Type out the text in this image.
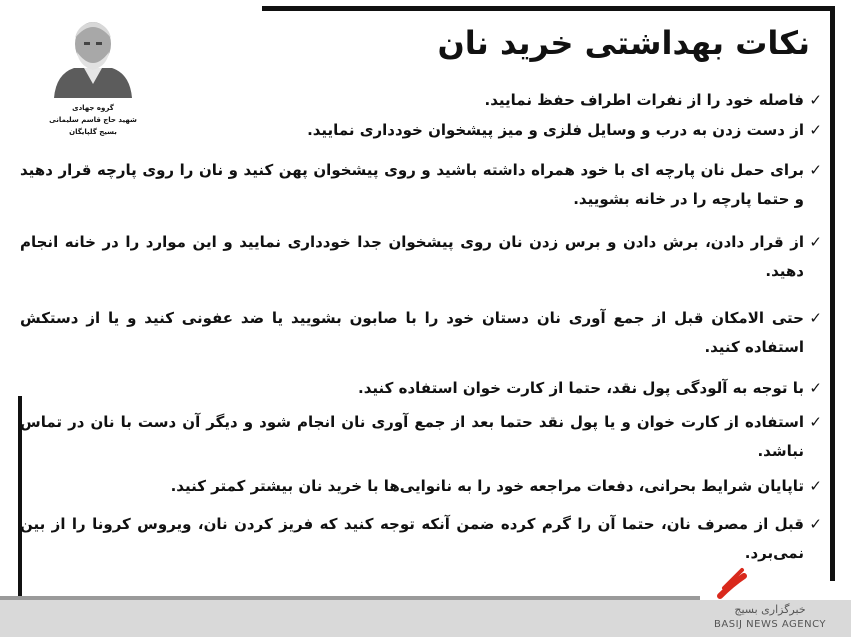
نکات بهداشتی خرید نان
گروه جهادی
شهید حاج قاسم سلیمانی
بسیج گلپایگان
✓
فاصله خود را از نفرات اطراف حفظ نمایید.
✓
از دست زدن به درب و وسایل فلزی و میز پیشخوان خودداری نمایید.
✓
برای حمل نان پارچه ای با خود همراه داشته باشید و روی پیشخوان پهن کنید و نان را روی پارچه قرار دهید و حتما پارچه را در خانه بشویید.
✓
از قرار دادن، برش دادن و برس زدن نان روی پیشخوان جدا خودداری نمایید و این موارد را در خانه انجام دهید.
✓
حتی الامکان قبل از جمع آوری نان دستان خود را با صابون بشویید یا ضد عفونی کنید و یا از دستکش استفاده کنید.
✓
با توجه به آلودگی پول نقد، حتما از کارت خوان استفاده کنید.
✓
استفاده از کارت خوان و یا پول نقد حتما بعد از جمع آوری نان انجام شود و دیگر آن دست با نان در تماس نباشد.
✓
تاپایان شرایط بحرانی، دفعات مراجعه خود را به نانوایی‌ها با خرید نان بیشتر کمتر کنید.
✓
قبل از مصرف نان، حتما آن را گرم کرده ضمن آنکه توجه کنید که فریز کردن نان، ویروس کرونا را از بین نمی‌برد.
خبرگزاری بسیج
BASIJ NEWS AGENCY
